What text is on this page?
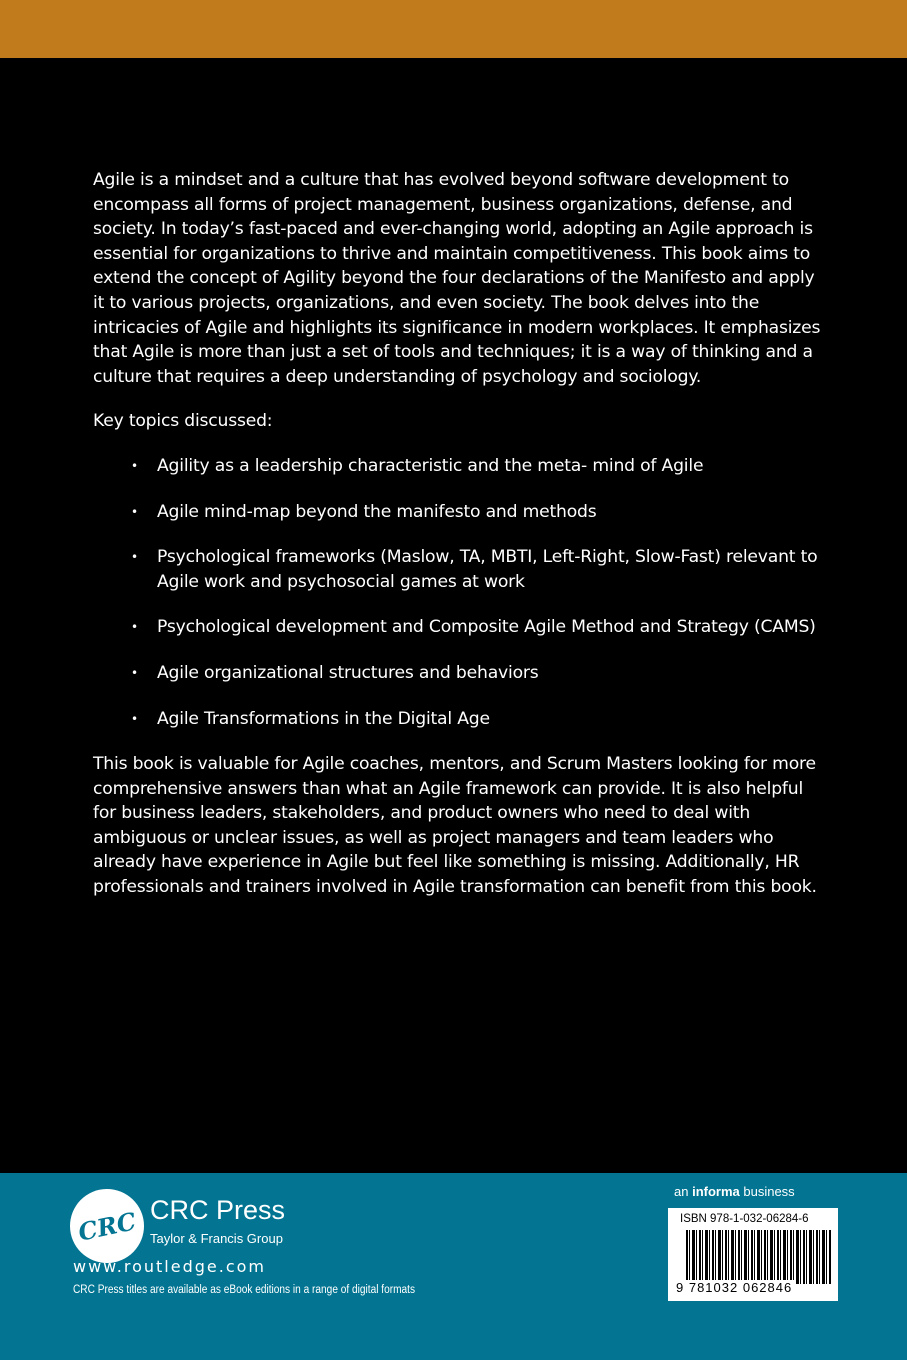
Agile is a mindset and a culture that has evolved beyond software development to encompass all forms of project management, business organizations, defense, and society. In today’s fast-paced and ever-changing world, adopting an Agile approach is essential for organizations to thrive and maintain competitiveness. This book aims to extend the concept of Agility beyond the four declarations of the Manifesto and apply it to various projects, organizations, and even society. The book delves into the intricacies of Agile and highlights its significance in modern workplaces. It emphasizes that Agile is more than just a set of tools and techniques; it is a way of thinking and a culture that requires a deep understanding of psychology and sociology.

Key topics discussed:

• Agility as a leadership characteristic and the meta- mind of Agile
• Agile mind-map beyond the manifesto and methods
• Psychological frameworks (Maslow, TA, MBTI, Left-Right, Slow-Fast) relevant to Agile work and psychosocial games at work
• Psychological development and Composite Agile Method and Strategy (CAMS)
• Agile organizational structures and behaviors
• Agile Transformations in the Digital Age

This book is valuable for Agile coaches, mentors, and Scrum Masters looking for more comprehensive answers than what an Agile framework can provide. It is also helpful for business leaders, stakeholders, and product owners who need to deal with ambiguous or unclear issues, as well as project managers and team leaders who already have experience in Agile but feel like something is missing. Additionally, HR professionals and trainers involved in Agile transformation can benefit from this book.

CRC CRC Press
Taylor & Francis Group
www.routledge.com
CRC Press titles are available as eBook editions in a range of digital formats
an informa business
ISBN 978-1-032-06284-6
9 781032 062846
